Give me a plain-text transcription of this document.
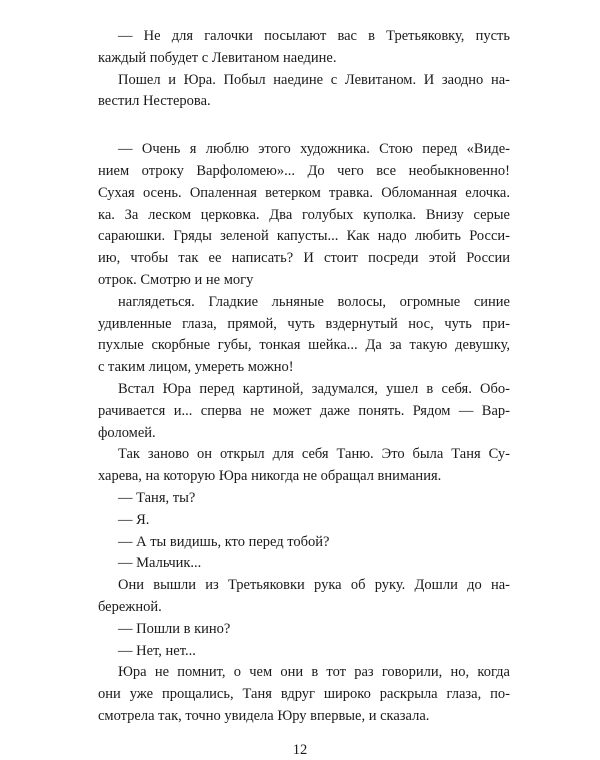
— Не для галочки посылают вас в Третьяковку, пусть
каждый побудет с Левитаном наедине.
Пошел и Юра. Побыл наедине с Левитаном. И заодно на-
вестил Нестерова.
— Очень я люблю этого художника. Стою перед «Виде-
нием отроку Варфоломею»... До чего все необыкновенно!
Сухая осень. Опаленная ветерком травка. Обломанная елочка.
ка. За леском церковка. Два голубых куполка. Внизу серые
сараюшки. Гряды зеленой капусты... Как надо любить Росси-
ию, чтобы так ее написать? И стоит посреди этой России
отрок. Смотрю и не могу
наглядеться. Гладкие льняные волосы, огромные синие
удивленные глаза, прямой, чуть вздернутый нос, чуть при-
пухлые скорбные губы, тонкая шейка... Да за такую девушку,
с таким лицом, умереть можно!
Встал Юра перед картиной, задумался, ушел в себя. Обо-
рачивается и... сперва не может даже понять. Рядом — Вар-
фоломей.
Так заново он открыл для себя Таню. Это была Таня Су-
харева, на которую Юра никогда не обращал внимания.
— Таня, ты?
— Я.
— А ты видишь, кто перед тобой?
— Мальчик...
Они вышли из Третьяковки рука об руку. Дошли до на-
бережной.
— Пошли в кино?
— Нет, нет...
Юра не помнит, о чем они в тот раз говорили, но, когда
они уже прощались, Таня вдруг широко раскрыла глаза, по-
смотрела так, точно увидела Юру впервые, и сказала.
12
